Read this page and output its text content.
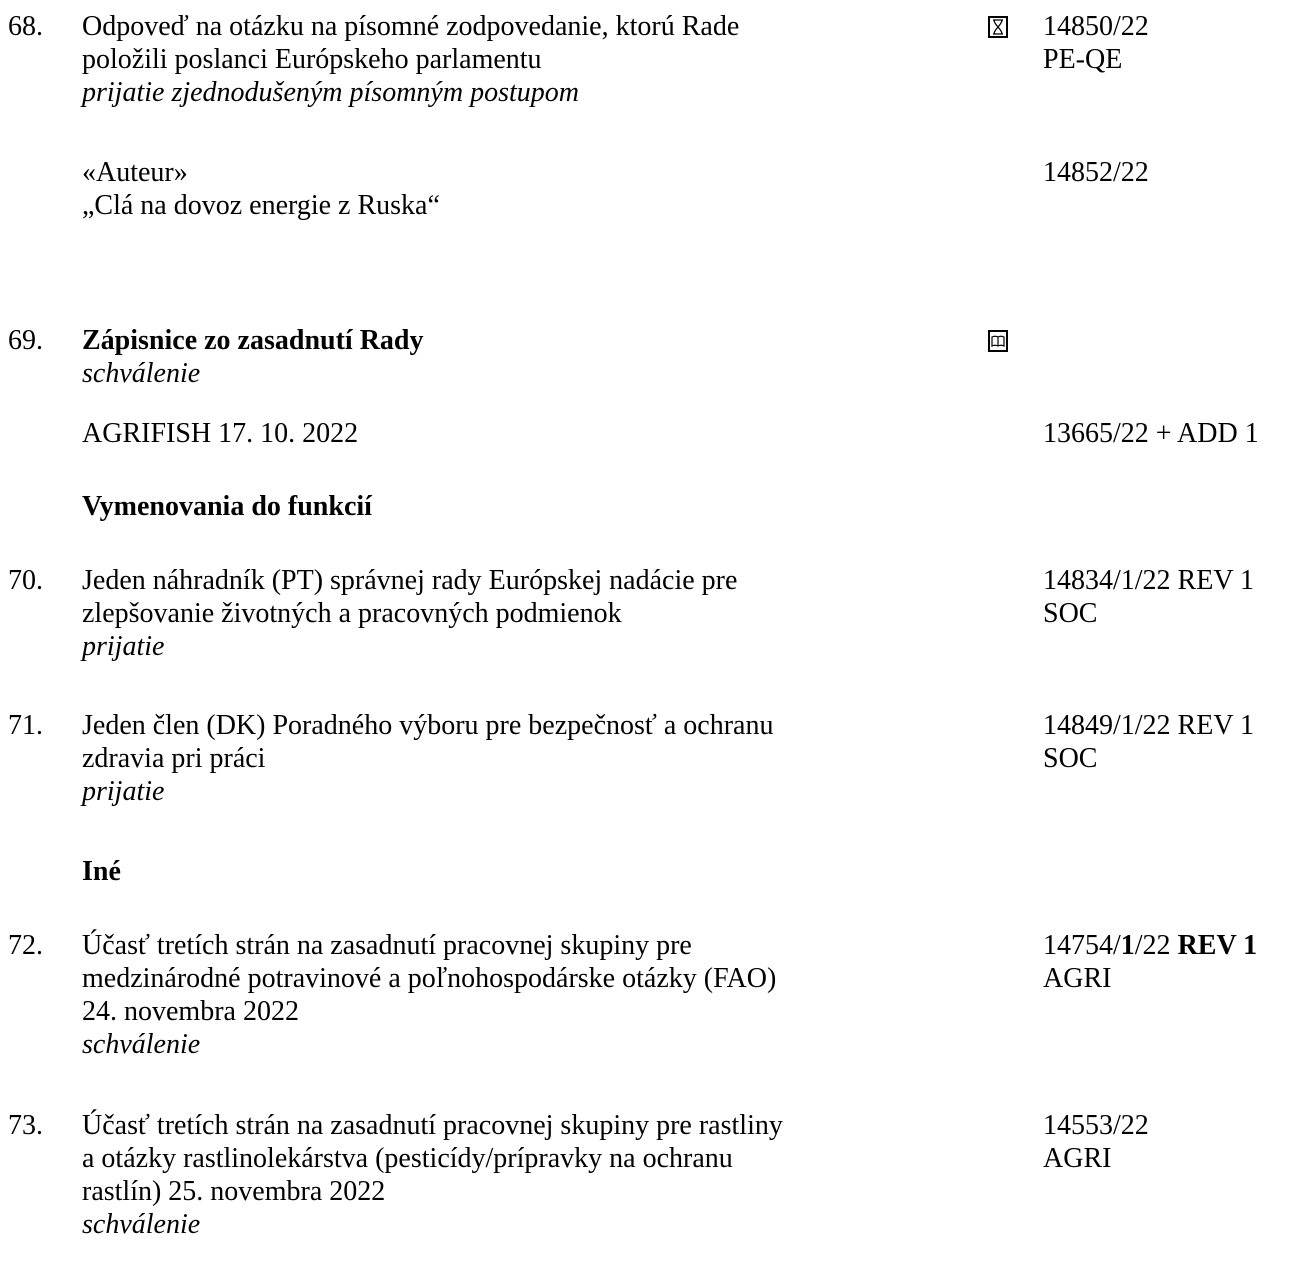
68. Odpoveď na otázku na písomné zodpovedanie, ktorú Rade
položili poslanci Európskeho parlamentu
prijatie zjednodušeným písomným postupom
14850/22
PE-QE
«Auteur»
„Clá na dovoz energie z Ruska“
14852/22
69. Zápisnice zo zasadnutí Rady
schválenie
AGRIFISH 17. 10. 2022	13665/22 + ADD 1
Vymenovania do funkcií
70. Jeden náhradník (PT) správnej rady Európskej nadácie pre
zlepšovanie životných a pracovných podmienok
prijatie
14834/1/22 REV 1
SOC
71. Jeden člen (DK) Poradného výboru pre bezpečnosť a ochranu
zdravia pri práci
prijatie
14849/1/22 REV 1
SOC
Iné
72. Účasť tretích strán na zasadnutí pracovnej skupiny pre
medzinárodné potravinové a poľnohospodárske otázky (FAO)
24. novembra 2022
schválenie
14754/1/22 REV 1
AGRI
73. Účasť tretích strán na zasadnutí pracovnej skupiny pre rastliny
a otázky rastlinolekárstva (pesticídy/prípravky na ochranu
rastlín) 25. novembra 2022
schválenie
14553/22
AGRI
